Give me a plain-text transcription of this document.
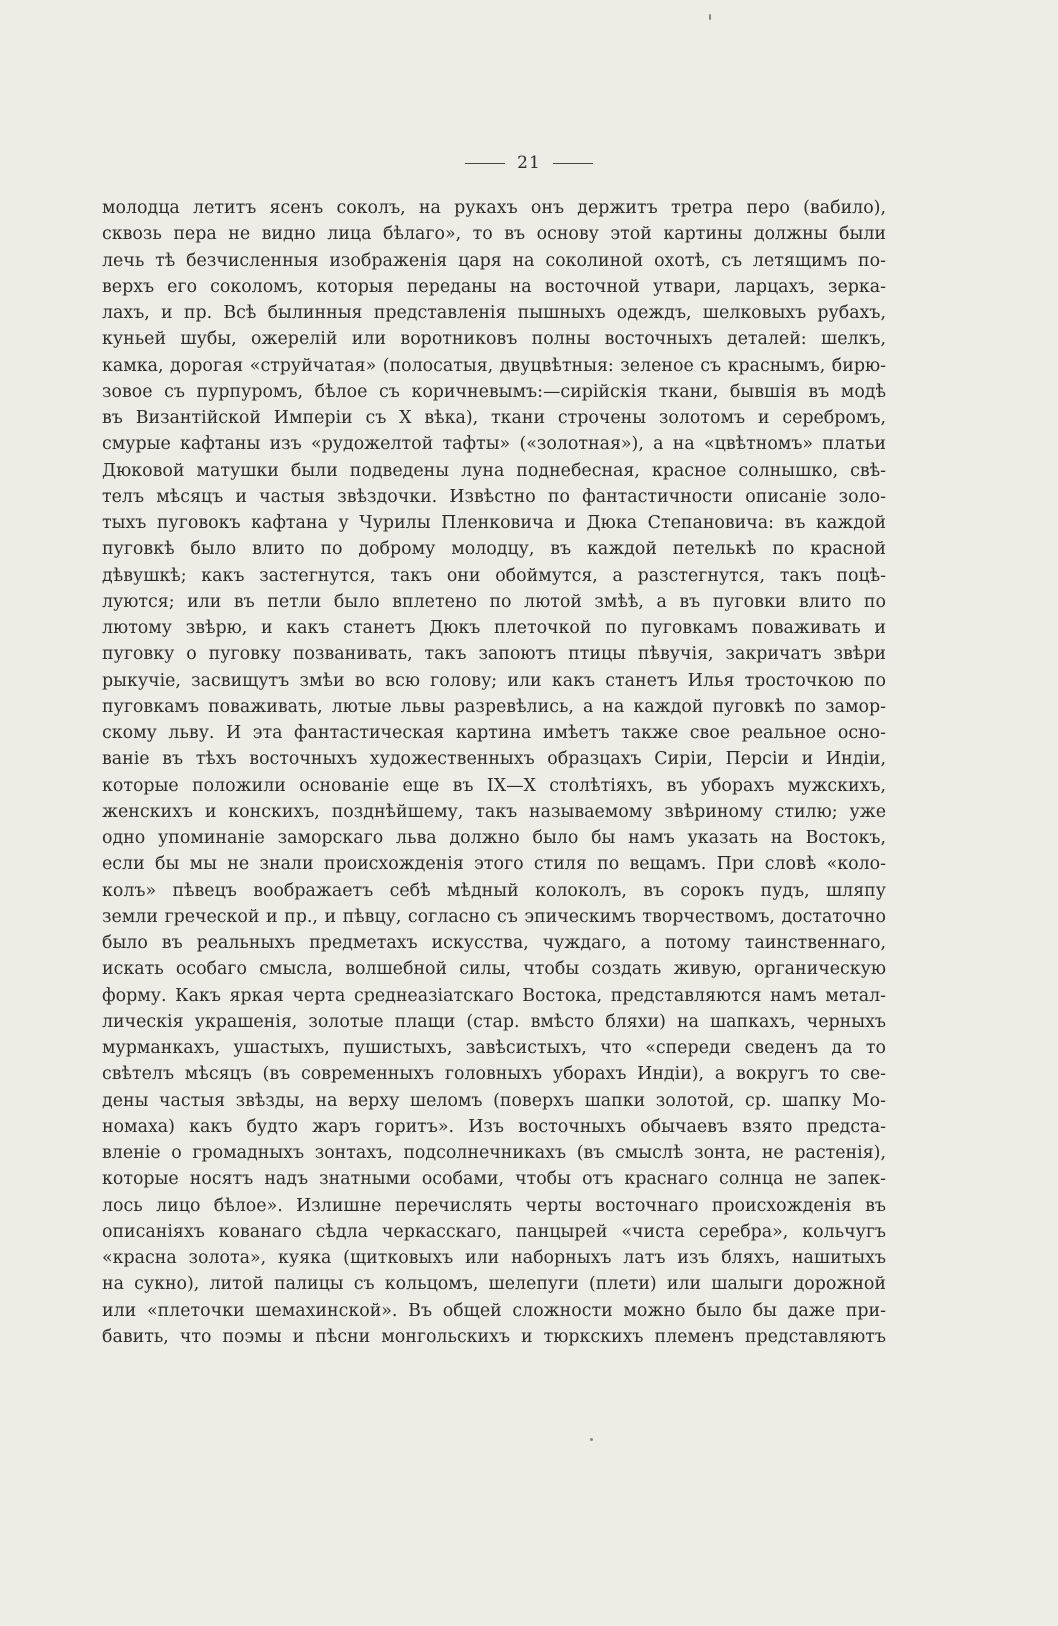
21
молодца летитъ ясенъ соколъ, на рукахъ онъ держитъ третра перо (вабило),
сквозь пера не видно лица бѣлаго», то въ основу этой картины должны были
лечь тѣ безчисленныя изображенія царя на соколиной охотѣ, съ летящимъ по-
верхъ его соколомъ, которыя переданы на восточной утвари, ларцахъ, зерка-
лахъ, и пр. Всѣ былинныя представленія пышныхъ одеждъ, шелковыхъ рубахъ,
куньей шубы, ожерелій или воротниковъ полны восточныхъ деталей: шелкъ,
камка, дорогая «струйчатая» (полосатыя, двуцвѣтныя: зеленое съ краснымъ, бирю-
зовое съ пурпуромъ, бѣлое съ коричневымъ:—сирійскія ткани, бывшія въ модѣ
въ Византійской Имперіи съ X вѣка), ткани строчены золотомъ и серебромъ,
смурые кафтаны изъ «рудожелтой тафты» («золотная»), а на «цвѣтномъ» платьи
Дюковой матушки были подведены луна поднебесная, красное солнышко, свѣ-
телъ мѣсяцъ и частыя звѣздочки. Извѣстно по фантастичности описаніе золо-
тыхъ пуговокъ кафтана у Чурилы Пленковича и Дюка Степановича: въ каждой
пуговкѣ было влито по доброму молодцу, въ каждой петелькѣ по красной
дѣвушкѣ; какъ застегнутся, такъ они обоймутся, а разстегнутся, такъ поцѣ-
луются; или въ петли было вплетено по лютой змѣѣ, а въ пуговки влито по
лютому звѣрю, и какъ станетъ Дюкъ плеточкой по пуговкамъ поваживать и
пуговку о пуговку позванивать, такъ запоютъ птицы пѣвучія, закричатъ звѣри
рыкучіе, засвищутъ змѣи во всю голову; или какъ станетъ Илья тросточкою по
пуговкамъ поваживать, лютые львы разревѣлись, а на каждой пуговкѣ по замор-
скому льву. И эта фантастическая картина имѣетъ также свое реальное осно-
ваніе въ тѣхъ восточныхъ художественныхъ образцахъ Сиріи, Персіи и Индіи,
которые положили основаніе еще въ IX—X столѣтіяхъ, въ уборахъ мужскихъ,
женскихъ и конскихъ, позднѣйшему, такъ называемому звѣриному стилю; уже
одно упоминаніе заморскаго льва должно было бы намъ указать на Востокъ,
если бы мы не знали происхожденія этого стиля по вещамъ. При словѣ «коло-
колъ» пѣвецъ воображаетъ себѣ мѣдный колоколъ, въ сорокъ пудъ, шляпу
земли греческой и пр., и пѣвцу, согласно съ эпическимъ творчествомъ, достаточно
было въ реальныхъ предметахъ искусства, чуждаго, а потому таинственнаго,
искать особаго смысла, волшебной силы, чтобы создать живую, органическую
форму. Какъ яркая черта среднеазіатскаго Востока, представляются намъ метал-
лическія украшенія, золотые плащи (стар. вмѣсто бляхи) на шапкахъ, черныхъ
мурманкахъ, ушастыхъ, пушистыхъ, завѣсистыхъ, что «спереди сведенъ да то
свѣтелъ мѣсяцъ (въ современныхъ головныхъ уборахъ Индіи), а вокругъ то све-
дены частыя звѣзды, на верху шеломъ (поверхъ шапки золотой, ср. шапку Мо-
номаха) какъ будто жаръ горитъ». Изъ восточныхъ обычаевъ взято предста-
вленіе о громадныхъ зонтахъ, подсолнечникахъ (въ смыслѣ зонта, не растенія),
которые носятъ надъ знатными особами, чтобы отъ краснаго солнца не запек-
лось лицо бѣлое». Излишне перечислять черты восточнаго происхожденія въ
описаніяхъ кованаго сѣдла черкасскаго, панцырей «чиста серебра», кольчугъ
«красна золота», куяка (щитковыхъ или наборныхъ латъ изъ бляхъ, нашитыхъ
на сукно), литой палицы съ кольцомъ, шелепуги (плети) или шалыги дорожной
или «плеточки шемахинской». Въ общей сложности можно было бы даже при-
бавить, что поэмы и пѣсни монгольскихъ и тюркскихъ племенъ представляютъ
